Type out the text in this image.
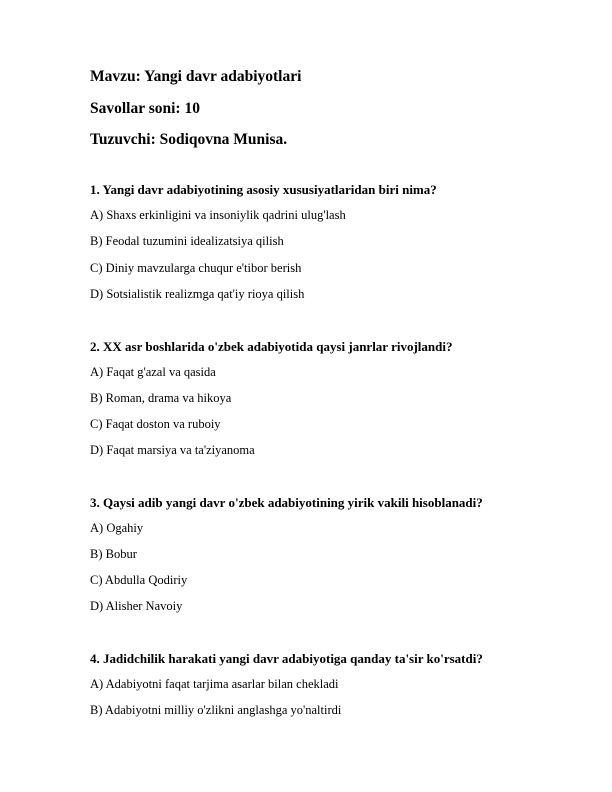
Mavzu: Yangi davr adabiyotlari
Savollar soni: 10
Tuzuvchi: Sodiqovna Munisa.
1. Yangi davr adabiyotining asosiy xususiyatlaridan biri nima?
A) Shaxs erkinligini va insoniylik qadrini ulug'lash
B) Feodal tuzumini idealizatsiya qilish
C) Diniy mavzularga chuqur e'tibor berish
D) Sotsialistik realizmga qat'iy rioya qilish
2. XX asr boshlarida o'zbek adabiyotida qaysi janrlar rivojlandi?
A) Faqat g'azal va qasida
B) Roman, drama va hikoya
C) Faqat doston va ruboiy
D) Faqat marsiya va ta'ziyanoma
3. Qaysi adib yangi davr o'zbek adabiyotining yirik vakili hisoblanadi?
A) Ogahiy
B) Bobur
C) Abdulla Qodiriy
D) Alisher Navoiy
4. Jadidchilik harakati yangi davr adabiyotiga qanday ta'sir ko'rsatdi?
A) Adabiyotni faqat tarjima asarlar bilan chekladi
B) Adabiyotni milliy o'zlikni anglashga yo'naltirdi
